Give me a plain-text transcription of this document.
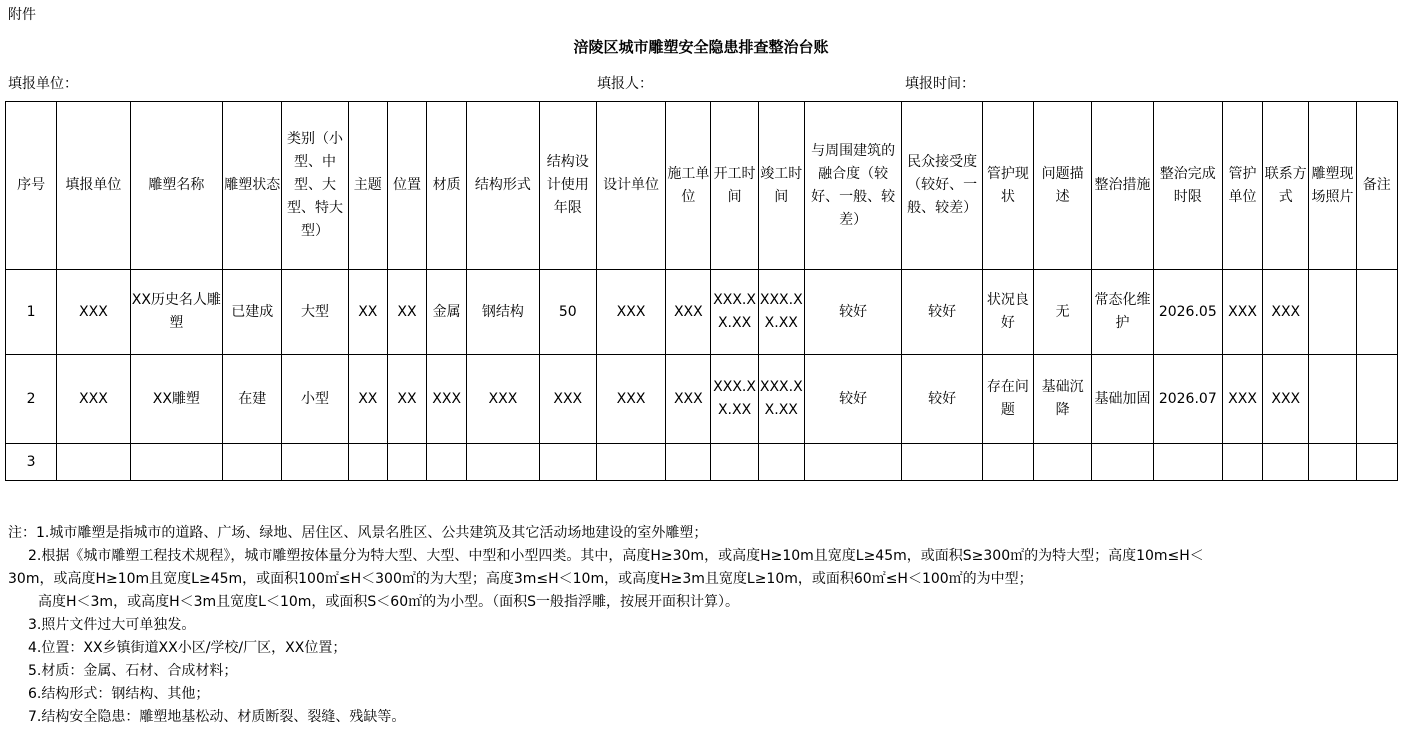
附件
涪陵区城市雕塑安全隐患排查整治台账
填报单位：	填报人：	填报时间：
序号	填报单位	雕塑名称	雕塑状态	类别（小型、中型、大型、特大型）	主题	位置	材质	结构形式	结构设计使用年限	设计单位	施工单位	开工时间	竣工时间	与周围建筑的融合度（较好、一般、较差）	民众接受度（较好、一般、较差）	管护现状	问题描述	整治措施	整治完成时限	管护单位	联系方式	雕塑现场照片	备注
1	XXX	XX历史名人雕塑	已建成	大型	XX	XX	金属	钢结构	50	XXX	XXX	XXX.XX.XX	XXX.XX.XX	较好	较好	状况良好	无	常态化维护	2026.05	XXX	XXX		
2	XXX	XX雕塑	在建	小型	XX	XX	XXX	XXX	XXX	XXX	XXX	XXX.XX.XX	XXX.XX.XX	较好	较好	存在问题	基础沉降	基础加固	2026.07	XXX	XXX		
3																							

注：1.城市雕塑是指城市的道路、广场、绿地、居住区、风景名胜区、公共建筑及其它活动场地建设的室外雕塑；

2.根据《城市雕塑工程技术规程》，城市雕塑按体量分为特大型、大型、中型和小型四类。其中，高度H≥30m，或高度H≥10m且宽度L≥45m，或面积S≥300㎡的为特大型；高度10m≤H＜

30m，或高度H≥10m且宽度L≥45m，或面积100㎡≤H＜300㎡的为大型；高度3m≤H＜10m，或高度H≥3m且宽度L≥10m，或面积60㎡≤H＜100㎡的为中型；

高度H＜3m，或高度H＜3m且宽度L＜10m，或面积S＜60㎡的为小型。（面积S一般指浮雕，按展开面积计算）。

3.照片文件过大可单独发。

4.位置：XX乡镇街道XX小区/学校/厂区，XX位置；

5.材质：金属、石材、合成材料；

6.结构形式：钢结构、其他；

7.结构安全隐患：雕塑地基松动、材质断裂、裂缝、残缺等。
